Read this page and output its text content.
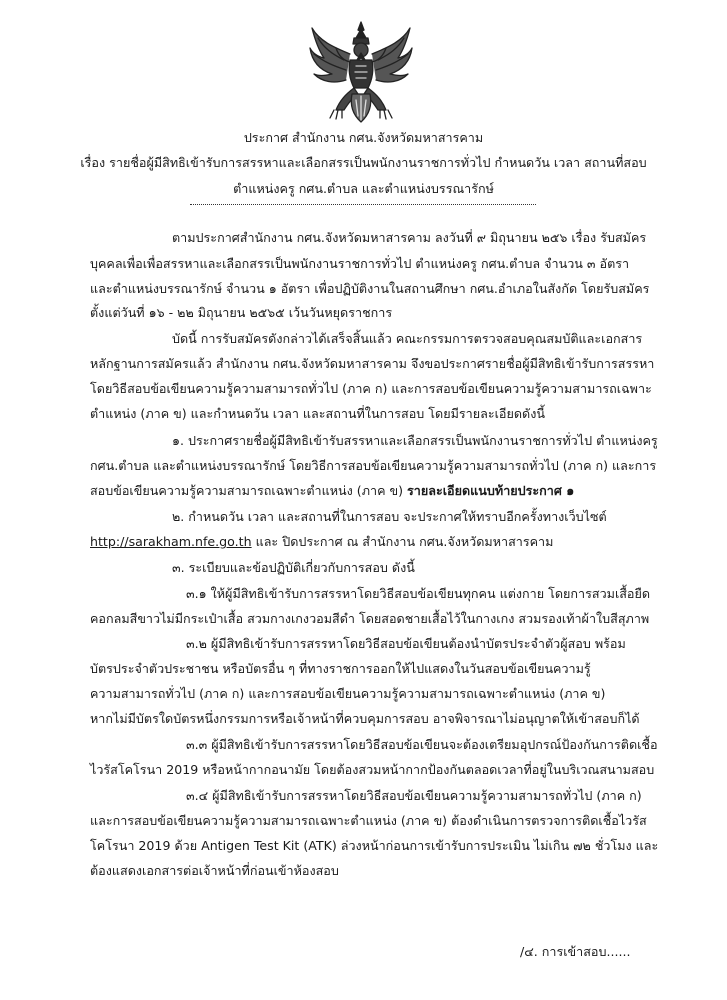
ประกาศ สำนักงาน กศน.จังหวัดมหาสารคาม
เรื่อง รายชื่อผู้มีสิทธิเข้ารับการสรรหาและเลือกสรรเป็นพนักงานราชการทั่วไป กำหนดวัน เวลา สถานที่สอบ
ตำแหน่งครู กศน.ตำบล และตำแหน่งบรรณารักษ์
ตามประกาศสำนักงาน กศน.จังหวัดมหาสารคาม ลงวันที่ ๙ มิถุนายน ๒๕๖ เรื่อง รับสมัคร
บุคคลเพื่อเพื่อสรรหาและเลือกสรรเป็นพนักงานราชการทั่วไป ตำแหน่งครู กศน.ตำบล จำนวน ๓ อัตรา
และตำแหน่งบรรณารักษ์ จำนวน ๑ อัตรา เพื่อปฏิบัติงานในสถานศึกษา กศน.อำเภอในสังกัด โดยรับสมัคร
ตั้งแต่วันที่ ๑๖ - ๒๒ มิถุนายน ๒๕๖๕ เว้นวันหยุดราชการ
บัดนี้ การรับสมัครดังกล่าวได้เสร็จสิ้นแล้ว คณะกรรมการตรวจสอบคุณสมบัติและเอกสาร
หลักฐานการสมัครแล้ว สำนักงาน กศน.จังหวัดมหาสารคาม จึงขอประกาศรายชื่อผู้มีสิทธิเข้ารับการสรรหา
โดยวิธีสอบข้อเขียนความรู้ความสามารถทั่วไป (ภาค ก) และการสอบข้อเขียนความรู้ความสามารถเฉพาะ
ตำแหน่ง (ภาค ข) และกำหนดวัน เวลา และสถานที่ในการสอบ โดยมีรายละเอียดดังนี้
๑. ประกาศรายชื่อผู้มีสิทธิเข้ารับสรรหาและเลือกสรรเป็นพนักงานราชการทั่วไป ตำแหน่งครู
กศน.ตำบล และตำแหน่งบรรณารักษ์ โดยวิธีการสอบข้อเขียนความรู้ความสามารถทั่วไป (ภาค ก) และการ
สอบข้อเขียนความรู้ความสามารถเฉพาะตำแหน่ง (ภาค ข) รายละเอียดแนบท้ายประกาศ ๑
๒. กำหนดวัน เวลา และสถานที่ในการสอบ จะประกาศให้ทราบอีกครั้งทางเว็บไซต์
http://sarakham.nfe.go.th และ ปิดประกาศ ณ สำนักงาน กศน.จังหวัดมหาสารคาม
๓. ระเบียบและข้อปฏิบัติเกี่ยวกับการสอบ ดังนี้
๓.๑ ให้ผู้มีสิทธิเข้ารับการสรรหาโดยวิธีสอบข้อเขียนทุกคน แต่งกาย โดยการสวมเสื้อยืด
คอกลมสีขาวไม่มีกระเป๋าเสื้อ สวมกางเกงวอมสีดำ โดยสอดชายเสื้อไว้ในกางเกง สวมรองเท้าผ้าใบสีสุภาพ
๓.๒ ผู้มีสิทธิเข้ารับการสรรหาโดยวิธีสอบข้อเขียนต้องนำบัตรประจำตัวผู้สอบ พร้อม
บัตรประจำตัวประชาชน หรือบัตรอื่น ๆ ที่ทางราชการออกให้ไปแสดงในวันสอบข้อเขียนความรู้
ความสามารถทั่วไป (ภาค ก) และการสอบข้อเขียนความรู้ความสามารถเฉพาะตำแหน่ง (ภาค ข)
หากไม่มีบัตรใดบัตรหนึ่งกรรมการหรือเจ้าหน้าที่ควบคุมการสอบ อาจพิจารณาไม่อนุญาตให้เข้าสอบก็ได้
๓.๓ ผู้มีสิทธิเข้ารับการสรรหาโดยวิธีสอบข้อเขียนจะต้องเตรียมอุปกรณ์ป้องกันการติดเชื้อ
ไวรัสโคโรนา 2019 หรือหน้ากากอนามัย โดยต้องสวมหน้ากากป้องกันตลอดเวลาที่อยู่ในบริเวณสนามสอบ
๓.๔ ผู้มีสิทธิเข้ารับการสรรหาโดยวิธีสอบข้อเขียนความรู้ความสามารถทั่วไป (ภาค ก)
และการสอบข้อเขียนความรู้ความสามารถเฉพาะตำแหน่ง (ภาค ข) ต้องดำเนินการตรวจการติดเชื้อไวรัส
โคโรนา 2019 ด้วย Antigen Test Kit (ATK) ล่วงหน้าก่อนการเข้ารับการประเมิน ไม่เกิน ๗๒ ชั่วโมง และ
ต้องแสดงเอกสารต่อเจ้าหน้าที่ก่อนเข้าห้องสอบ
/๔. การเข้าสอบ......
